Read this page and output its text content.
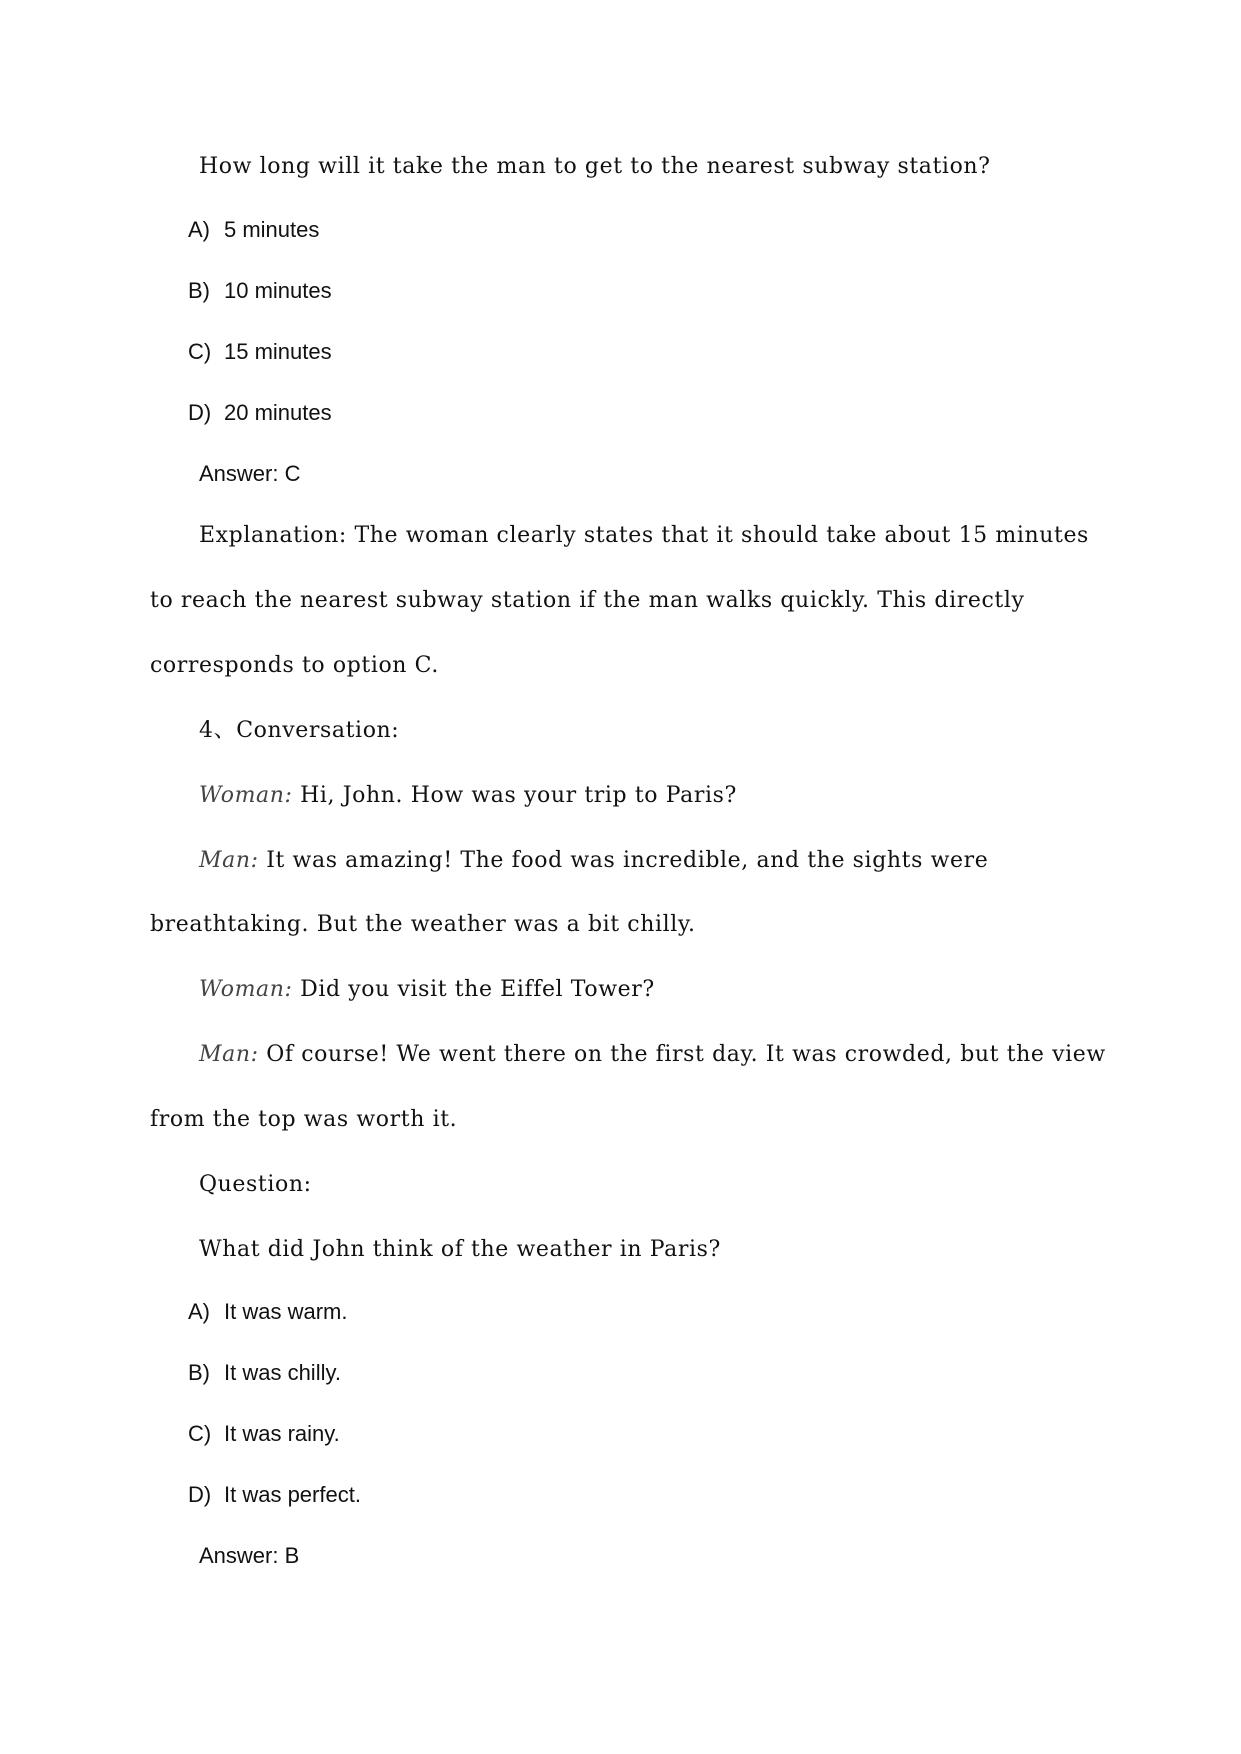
How long will it take the man to get to the nearest subway station?
A) 5 minutes
B) 10 minutes
C) 15 minutes
D) 20 minutes
Answer: C
Explanation: The woman clearly states that it should take about 15 minutes
to reach the nearest subway station if the man walks quickly. This directly
corresponds to option C.
4、Conversation:
Woman: Hi, John. How was your trip to Paris?
Man: It was amazing! The food was incredible, and the sights were
breathtaking. But the weather was a bit chilly.
Woman: Did you visit the Eiffel Tower?
Man: Of course! We went there on the first day. It was crowded, but the view
from the top was worth it.
Question:
What did John think of the weather in Paris?
A) It was warm.
B) It was chilly.
C) It was rainy.
D) It was perfect.
Answer: B
